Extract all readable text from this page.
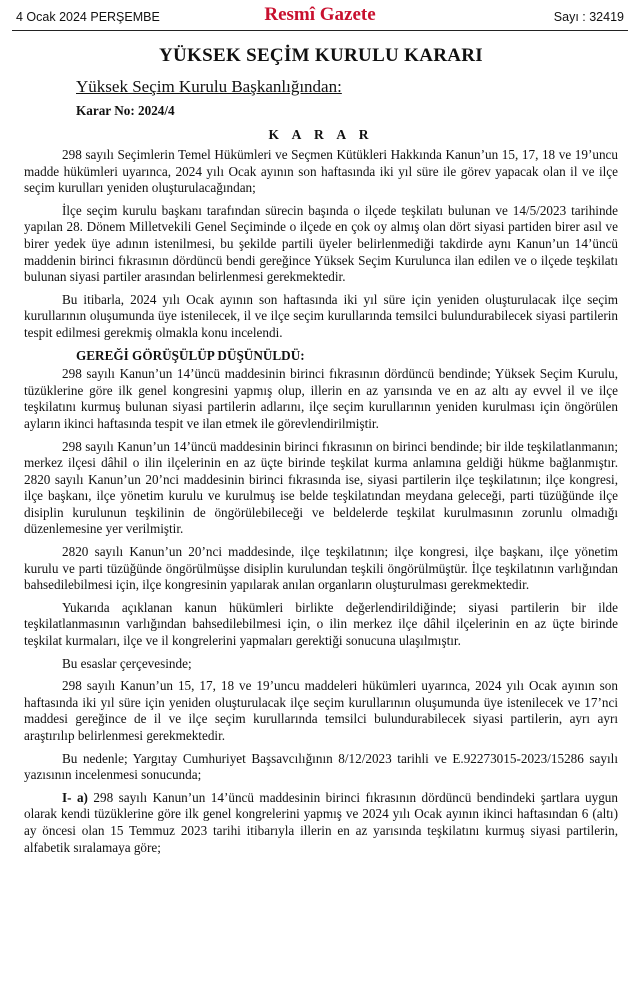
4 Ocak 2024 PERŞEMBE	Resmî Gazete	Sayı : 32419
YÜKSEK SEÇİM KURULU KARARI
Yüksek Seçim Kurulu Başkanlığından:
Karar No: 2024/4
K A R A R

298 sayılı Seçimlerin Temel Hükümleri ve Seçmen Kütükleri Hakkında Kanun’un 15, 17, 18 ve 19’uncu madde hükümleri uyarınca, 2024 yılı Ocak ayının son haftasında iki yıl süre ile görev yapacak olan il ve ilçe seçim kurulları yeniden oluşturulacağından;

İlçe seçim kurulu başkanı tarafından sürecin başında o ilçede teşkilatı bulunan ve 14/5/2023 tarihinde yapılan 28. Dönem Milletvekili Genel Seçiminde o ilçede en çok oy almış olan dört siyasi partiden birer asıl ve birer yedek üye adının istenilmesi, bu şekilde partili üyeler belirlenmediği takdirde aynı Kanun’un 14’üncü maddenin birinci fıkrasının dördüncü bendi gereğince Yüksek Seçim Kurulunca ilan edilen ve o ilçede teşkilatı bulunan siyasi partiler arasından belirlenmesi gerekmektedir.

Bu itibarla, 2024 yılı Ocak ayının son haftasında iki yıl süre için yeniden oluşturulacak ilçe seçim kurullarının oluşumunda üye istenilecek, il ve ilçe seçim kurullarında temsilci bulundurabilecek siyasi partilerin tespit edilmesi gerekmiş olmakla konu incelendi.

GEREĞİ GÖRÜŞÜLÜP DÜŞÜNÜLDÜ:

298 sayılı Kanun’un 14’üncü maddesinin birinci fıkrasının dördüncü bendinde; Yüksek Seçim Kurulu, tüzüklerine göre ilk genel kongresini yapmış olup, illerin en az yarısında ve en az altı ay evvel il ve ilçe teşkilatını kurmuş bulunan siyasi partilerin adlarını, ilçe seçim kurullarının yeniden kurulması için öngörülen ayların ikinci haftasında tespit ve ilan etmek ile görevlendirilmiştir.

298 sayılı Kanun’un 14’üncü maddesinin birinci fıkrasının on birinci bendinde; bir ilde teşkilatlanmanın; merkez ilçesi dâhil o ilin ilçelerinin en az üçte birinde teşkilat kurma anlamına geldiği hükme bağlanmıştır. 2820 sayılı Kanun’un 20’nci maddesinin birinci fıkrasında ise, siyasi partilerin ilçe teşkilatının; ilçe kongresi, ilçe başkanı, ilçe yönetim kurulu ve kurulmuş ise belde teşkilatından meydana geleceği, parti tüzüğünde ilçe disiplin kurulunun teşkilinin de öngörülebileceği ve beldelerde teşkilat kurulmasının zorunlu olmadığı düzenlemesine yer verilmiştir.

2820 sayılı Kanun’un 20’nci maddesinde, ilçe teşkilatının; ilçe kongresi, ilçe başkanı, ilçe yönetim kurulu ve parti tüzüğünde öngörülmüşse disiplin kurulundan teşkili öngörülmüştür. İlçe teşkilatının varlığından bahsedilebilmesi için, ilçe kongresinin yapılarak anılan organların oluşturulması gerekmektedir.

Yukarıda açıklanan kanun hükümleri birlikte değerlendirildiğinde; siyasi partilerin bir ilde teşkilatlanmasının varlığından bahsedilebilmesi için, o ilin merkez ilçe dâhil ilçelerinin en az üçte birinde teşkilat kurmaları, ilçe ve il kongrelerini yapmaları gerektiği sonucuna ulaşılmıştır.

Bu esaslar çerçevesinde;

298 sayılı Kanun’un 15, 17, 18 ve 19’uncu maddeleri hükümleri uyarınca, 2024 yılı Ocak ayının son haftasında iki yıl süre için yeniden oluşturulacak ilçe seçim kurullarının oluşumunda üye istenilecek ve 17’nci maddesi gereğince de il ve ilçe seçim kurullarında temsilci bulundurabilecek siyasi partilerin, ayrı ayrı araştırılıp belirlenmesi gerekmektedir.

Bu nedenle; Yargıtay Cumhuriyet Başsavcılığının 8/12/2023 tarihli ve E.92273015-2023/15286 sayılı yazısının incelenmesi sonucunda;

I- a) 298 sayılı Kanun’un 14’üncü maddesinin birinci fıkrasının dördüncü bendindeki şartlara uygun olarak kendi tüzüklerine göre ilk genel kongrelerini yapmış ve 2024 yılı Ocak ayının ikinci haftasından 6 (altı) ay öncesi olan 15 Temmuz 2023 tarihi itibarıyla illerin en az yarısında teşkilatını kurmuş siyasi partilerin, alfabetik sıralamaya göre;
